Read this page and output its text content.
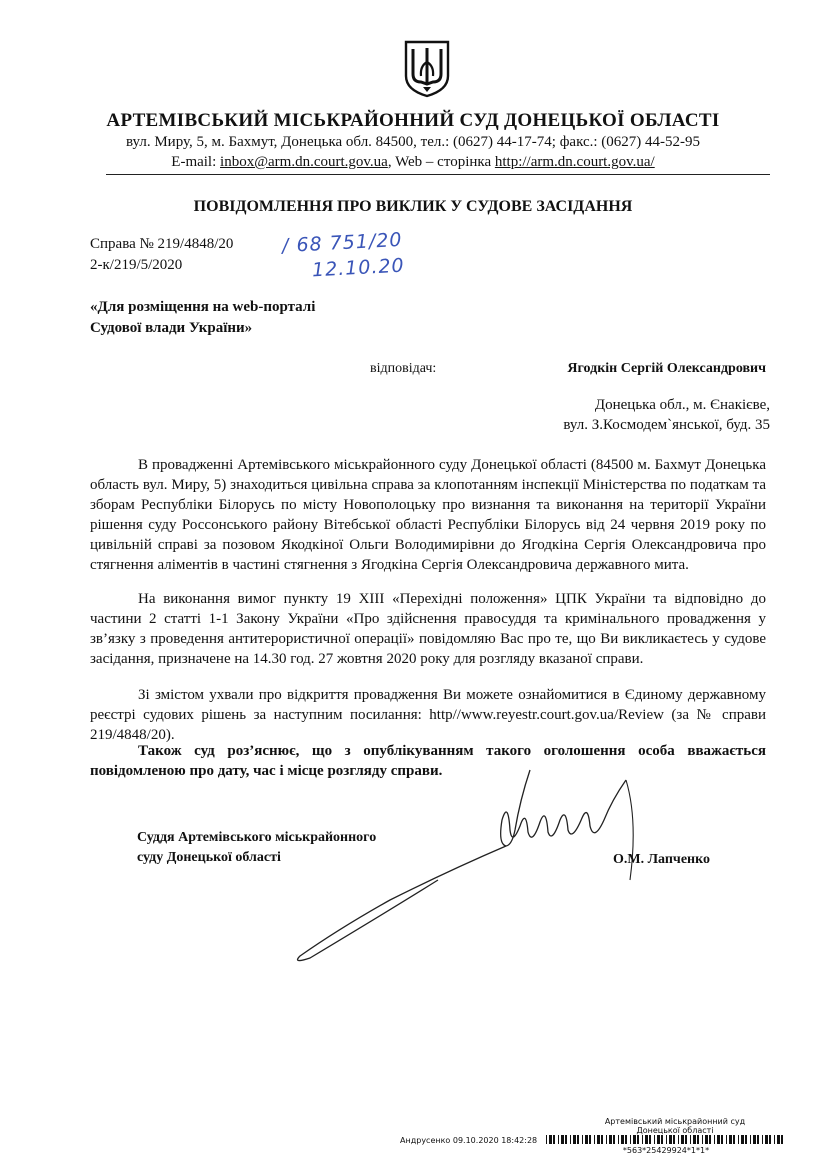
АРТЕМІВСЬКИЙ МІСЬКРАЙОННИЙ СУД ДОНЕЦЬКОЇ ОБЛАСТІ
вул. Миру, 5, м. Бахмут, Донецька обл. 84500, тел.: (0627) 44-17-74; факс.: (0627) 44-52-95
E-mail: inbox@arm.dn.court.gov.ua, Web – сторінка http://arm.dn.court.gov.ua/
ПОВІДОМЛЕННЯ ПРО ВИКЛИК У СУДОВЕ ЗАСІДАННЯ
Справа № 219/4848/20
2-к/219/5/2020
/ 68 751/20
12.10.20
«Для розміщення на web-порталі
Судової влади України»
відповідач:	Ягодкін Сергій Олександрович
Донецька обл., м. Єнакієве,
вул. З.Космодем`янської, буд. 35
В провадженні Артемівського міськрайонного суду Донецької області (84500 м. Бахмут Донецька область вул. Миру, 5) знаходиться цивільна справа за клопотанням інспекції Міністерства по податкам та зборам Республіки Білорусь по місту Новополоцьку про визнання та виконання на території України рішення суду Россонського району Вітебської області Республіки Білорусь від 24 червня 2019 року по цивільній справі за позовом Якодкіної Ольги Володимирівни до Ягодкіна Сергія Олександровича про стягнення аліментів в частині стягнення з Ягодкіна Сергія Олександровича державного мита.
На виконання вимог пункту 19 ХІІІ «Перехідні положення» ЦПК України та відповідно до частини 2 статті 1-1 Закону України «Про здійснення правосуддя та кримінального провадження у зв’язку з проведення антитерористичної операції» повідомляю Вас про те, що Ви викликаєтесь у судове засідання, призначене на 14.30 год. 27 жовтня 2020 року для розгляду вказаної справи.
Зі змістом ухвали про відкриття провадження Ви можете ознайомитися в Єдиному державному реєстрі судових рішень за наступним посилання: http//www.reyestr.court.gov.ua/Review (за № справи 219/4848/20).
Також суд роз’яснює, що з опублікуванням такого оголошення особа вважається повідомленою про дату, час і місце розгляду справи.
Суддя Артемівського міськрайонного
суду Донецької області	О.М. Лапченко
Артемівський міськрайонний суд
Донецької області
Андрусенко 09.10.2020 18:42:28
*563*25429924*1*1*
